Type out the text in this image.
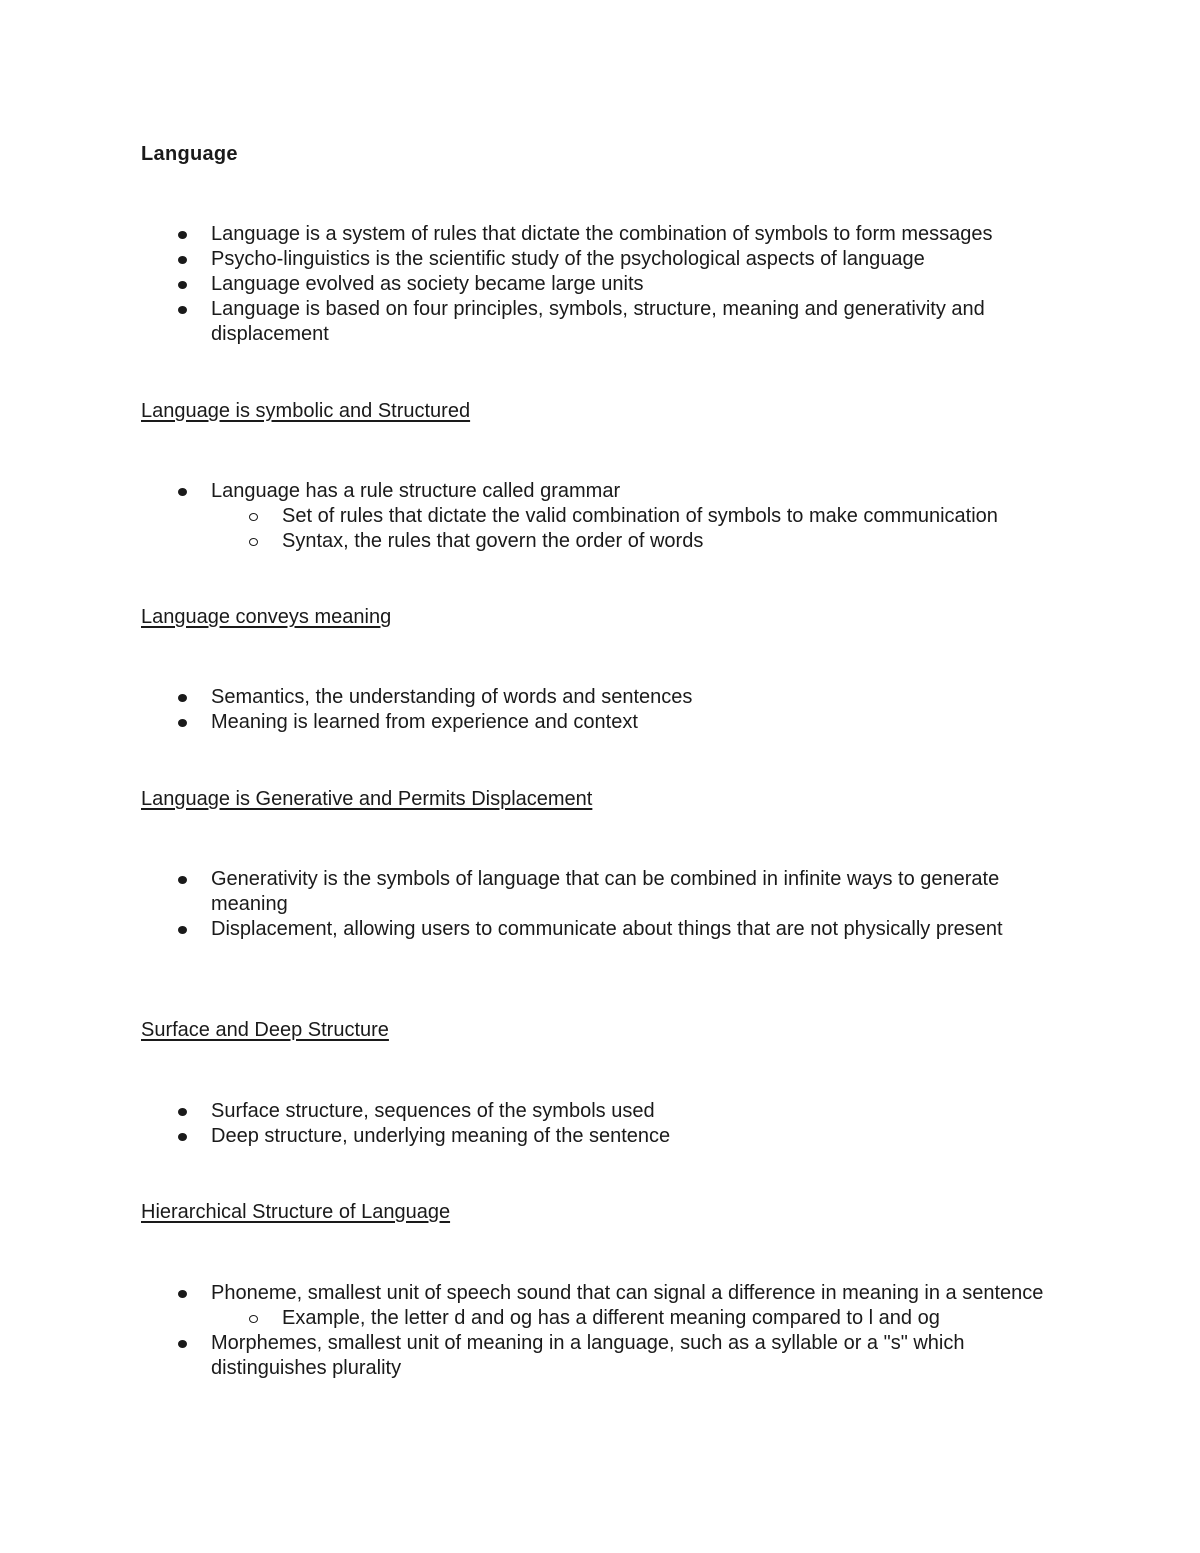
Language
Language is a system of rules that dictate the combination of symbols to form messages
Psycho-linguistics is the scientific study of the psychological aspects of language
Language evolved as society became large units
Language is based on four principles, symbols, structure, meaning and generativity and displacement
Language is symbolic and Structured
Language has a rule structure called grammar
Set of rules that dictate the valid combination of symbols to make communication
Syntax, the rules that govern the order of words
Language conveys meaning
Semantics, the understanding of words and sentences
Meaning is learned from experience and context
Language is Generative and Permits Displacement
Generativity is the symbols of language that can be combined in infinite ways to generate meaning
Displacement, allowing users to communicate about things that are not physically present
Surface and Deep Structure
Surface structure, sequences of the symbols used
Deep structure, underlying meaning of the sentence
Hierarchical Structure of Language
Phoneme, smallest unit of speech sound that can signal a difference in meaning in a sentence
Example, the letter d and og has a different meaning compared to l and og
Morphemes, smallest unit of meaning in a language, such as a syllable or a "s" which distinguishes plurality
